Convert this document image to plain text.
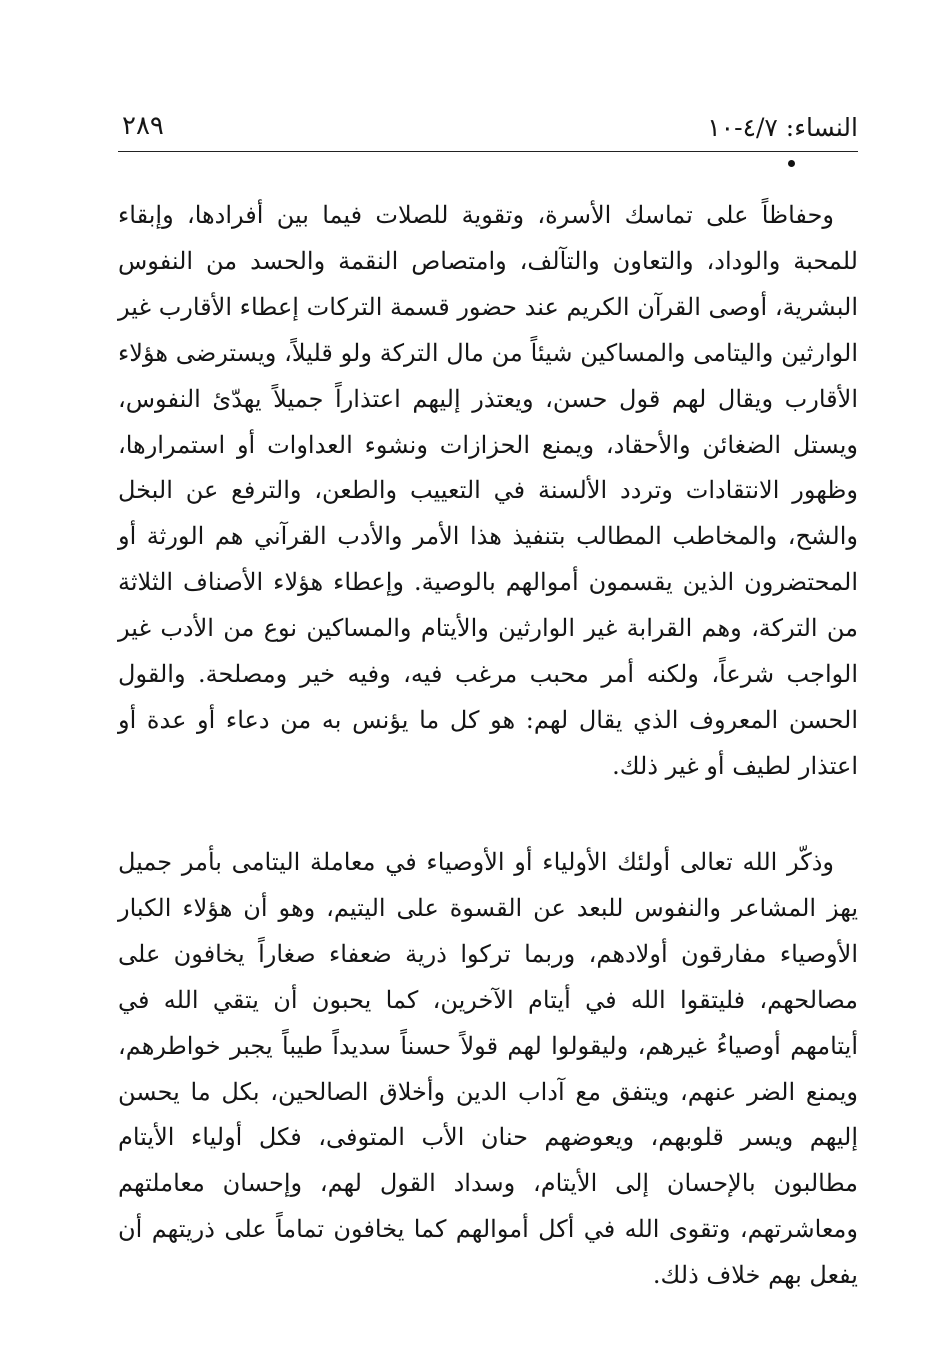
النساء: ٤/٧-١٠
٢٨٩

وحفاظاً على تماسك الأسرة، وتقوية للصلات فيما بين أفرادها، وإبقاء للمحبة والوداد، والتعاون والتآلف، وامتصاص النقمة والحسد من النفوس البشرية، أوصى القرآن الكريم عند حضور قسمة التركات إعطاء الأقارب غير الوارثين واليتامى والمساكين شيئاً من مال التركة ولو قليلاً، ويسترضى هؤلاء الأقارب ويقال لهم قول حسن، ويعتذر إليهم اعتذاراً جميلاً يهدّئ النفوس، ويستل الضغائن والأحقاد، ويمنع الحزازات ونشوء العداوات أو استمرارها، وظهور الانتقادات وتردد الألسنة في التعييب والطعن، والترفع عن البخل والشح، والمخاطب المطالب بتنفيذ هذا الأمر والأدب القرآني هم الورثة أو المحتضرون الذين يقسمون أموالهم بالوصية. وإعطاء هؤلاء الأصناف الثلاثة من التركة، وهم القرابة غير الوارثين والأيتام والمساكين نوع من الأدب غير الواجب شرعاً، ولكنه أمر محبب مرغب فيه، وفيه خير ومصلحة. والقول الحسن المعروف الذي يقال لهم: هو كل ما يؤنس به من دعاء أو عدة أو اعتذار لطيف أو غير ذلك.

وذكّر الله تعالى أولئك الأولياء أو الأوصياء في معاملة اليتامى بأمر جميل يهز المشاعر والنفوس للبعد عن القسوة على اليتيم، وهو أن هؤلاء الكبار الأوصياء مفارقون أولادهم، وربما تركوا ذرية ضعفاء صغاراً يخافون على مصالحهم، فليتقوا الله في أيتام الآخرين، كما يحبون أن يتقي الله في أيتامهم أوصياءُ غيرهم، وليقولوا لهم قولاً حسناً سديداً طيباً يجبر خواطرهم، ويمنع الضر عنهم، ويتفق مع آداب الدين وأخلاق الصالحين، بكل ما يحسن إليهم ويسر قلوبهم، ويعوضهم حنان الأب المتوفى، فكل أولياء الأيتام مطالبون بالإحسان إلى الأيتام، وسداد القول لهم، وإحسان معاملتهم ومعاشرتهم، وتقوى الله في أكل أموالهم كما يخافون تماماً على ذريتهم أن يفعل بهم خلاف ذلك.
